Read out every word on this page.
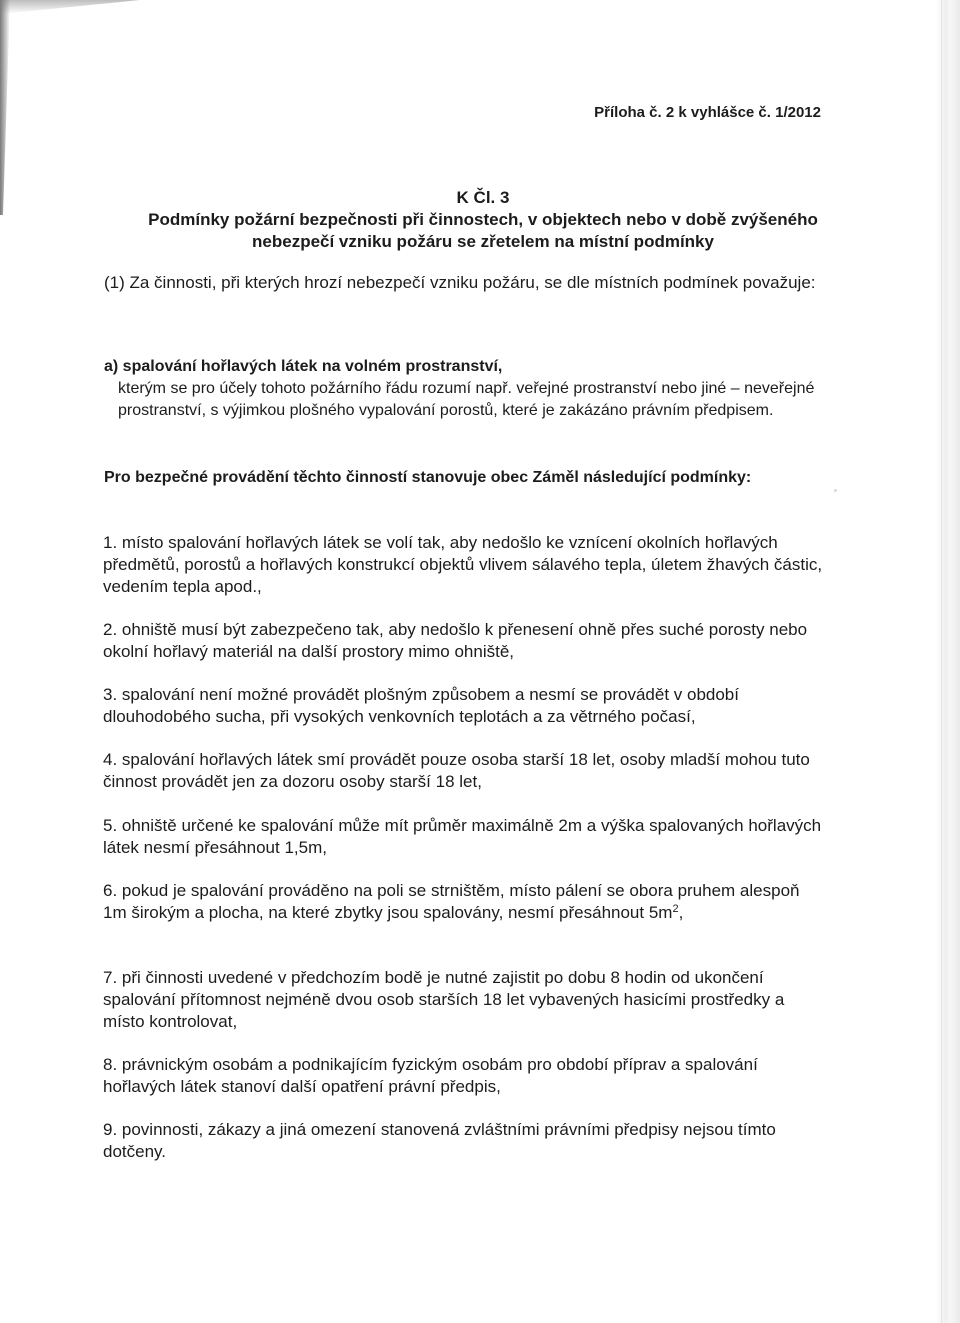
Příloha č. 2 k vyhlášce č. 1/2012

K Čl. 3

Podmínky požární bezpečnosti při činnostech, v objektech nebo v době zvýšeného nebezpečí vzniku požáru se zřetelem na místní podmínky

(1) Za činnosti, při kterých hrozí nebezpečí vzniku požáru, se dle místních podmínek považuje:

a) spalování hořlavých látek na volném prostranství,
kterým se pro účely tohoto požárního řádu rozumí např. veřejné prostranství nebo jiné – neveřejné prostranství, s výjimkou plošného vypalování porostů, které je zakázáno právním předpisem.

Pro bezpečné provádění těchto činností stanovuje obec Záměl následující podmínky:

1. místo spalování hořlavých látek se volí tak, aby nedošlo ke vznícení okolních hořlavých předmětů, porostů a hořlavých konstrukcí objektů vlivem sálavého tepla, úletem žhavých částic, vedením tepla apod.,

2. ohniště musí být zabezpečeno tak, aby nedošlo k přenesení ohně přes suché porosty nebo okolní hořlavý materiál na další prostory mimo ohniště,

3. spalování není možné provádět plošným způsobem a nesmí se provádět v období dlouhodobého sucha, při vysokých venkovních teplotách a za větrného počasí,

4. spalování hořlavých látek smí provádět pouze osoba starší 18 let, osoby mladší mohou tuto činnost provádět jen za dozoru osoby starší 18 let,

5. ohniště určené ke spalování může mít průměr maximálně 2m a výška spalovaných hořlavých látek nesmí přesáhnout 1,5m,

6. pokud je spalování prováděno na poli se strništěm, místo pálení se obora pruhem alespoň 1m širokým a plocha, na které zbytky jsou spalovány, nesmí přesáhnout $5m^2$,

7. při činnosti uvedené v předchozím bodě je nutné zajistit po dobu 8 hodin od ukončení spalování přítomnost nejméně dvou osob starších 18 let vybavených hasicími prostředky a místo kontrolovat,

8. právnickým osobám a podnikajícím fyzickým osobám pro období příprav a spalování hořlavých látek stanoví další opatření právní předpis,

9. povinnosti, zákazy a jiná omezení stanovená zvláštními právními předpisy nejsou tímto dotčeny.
